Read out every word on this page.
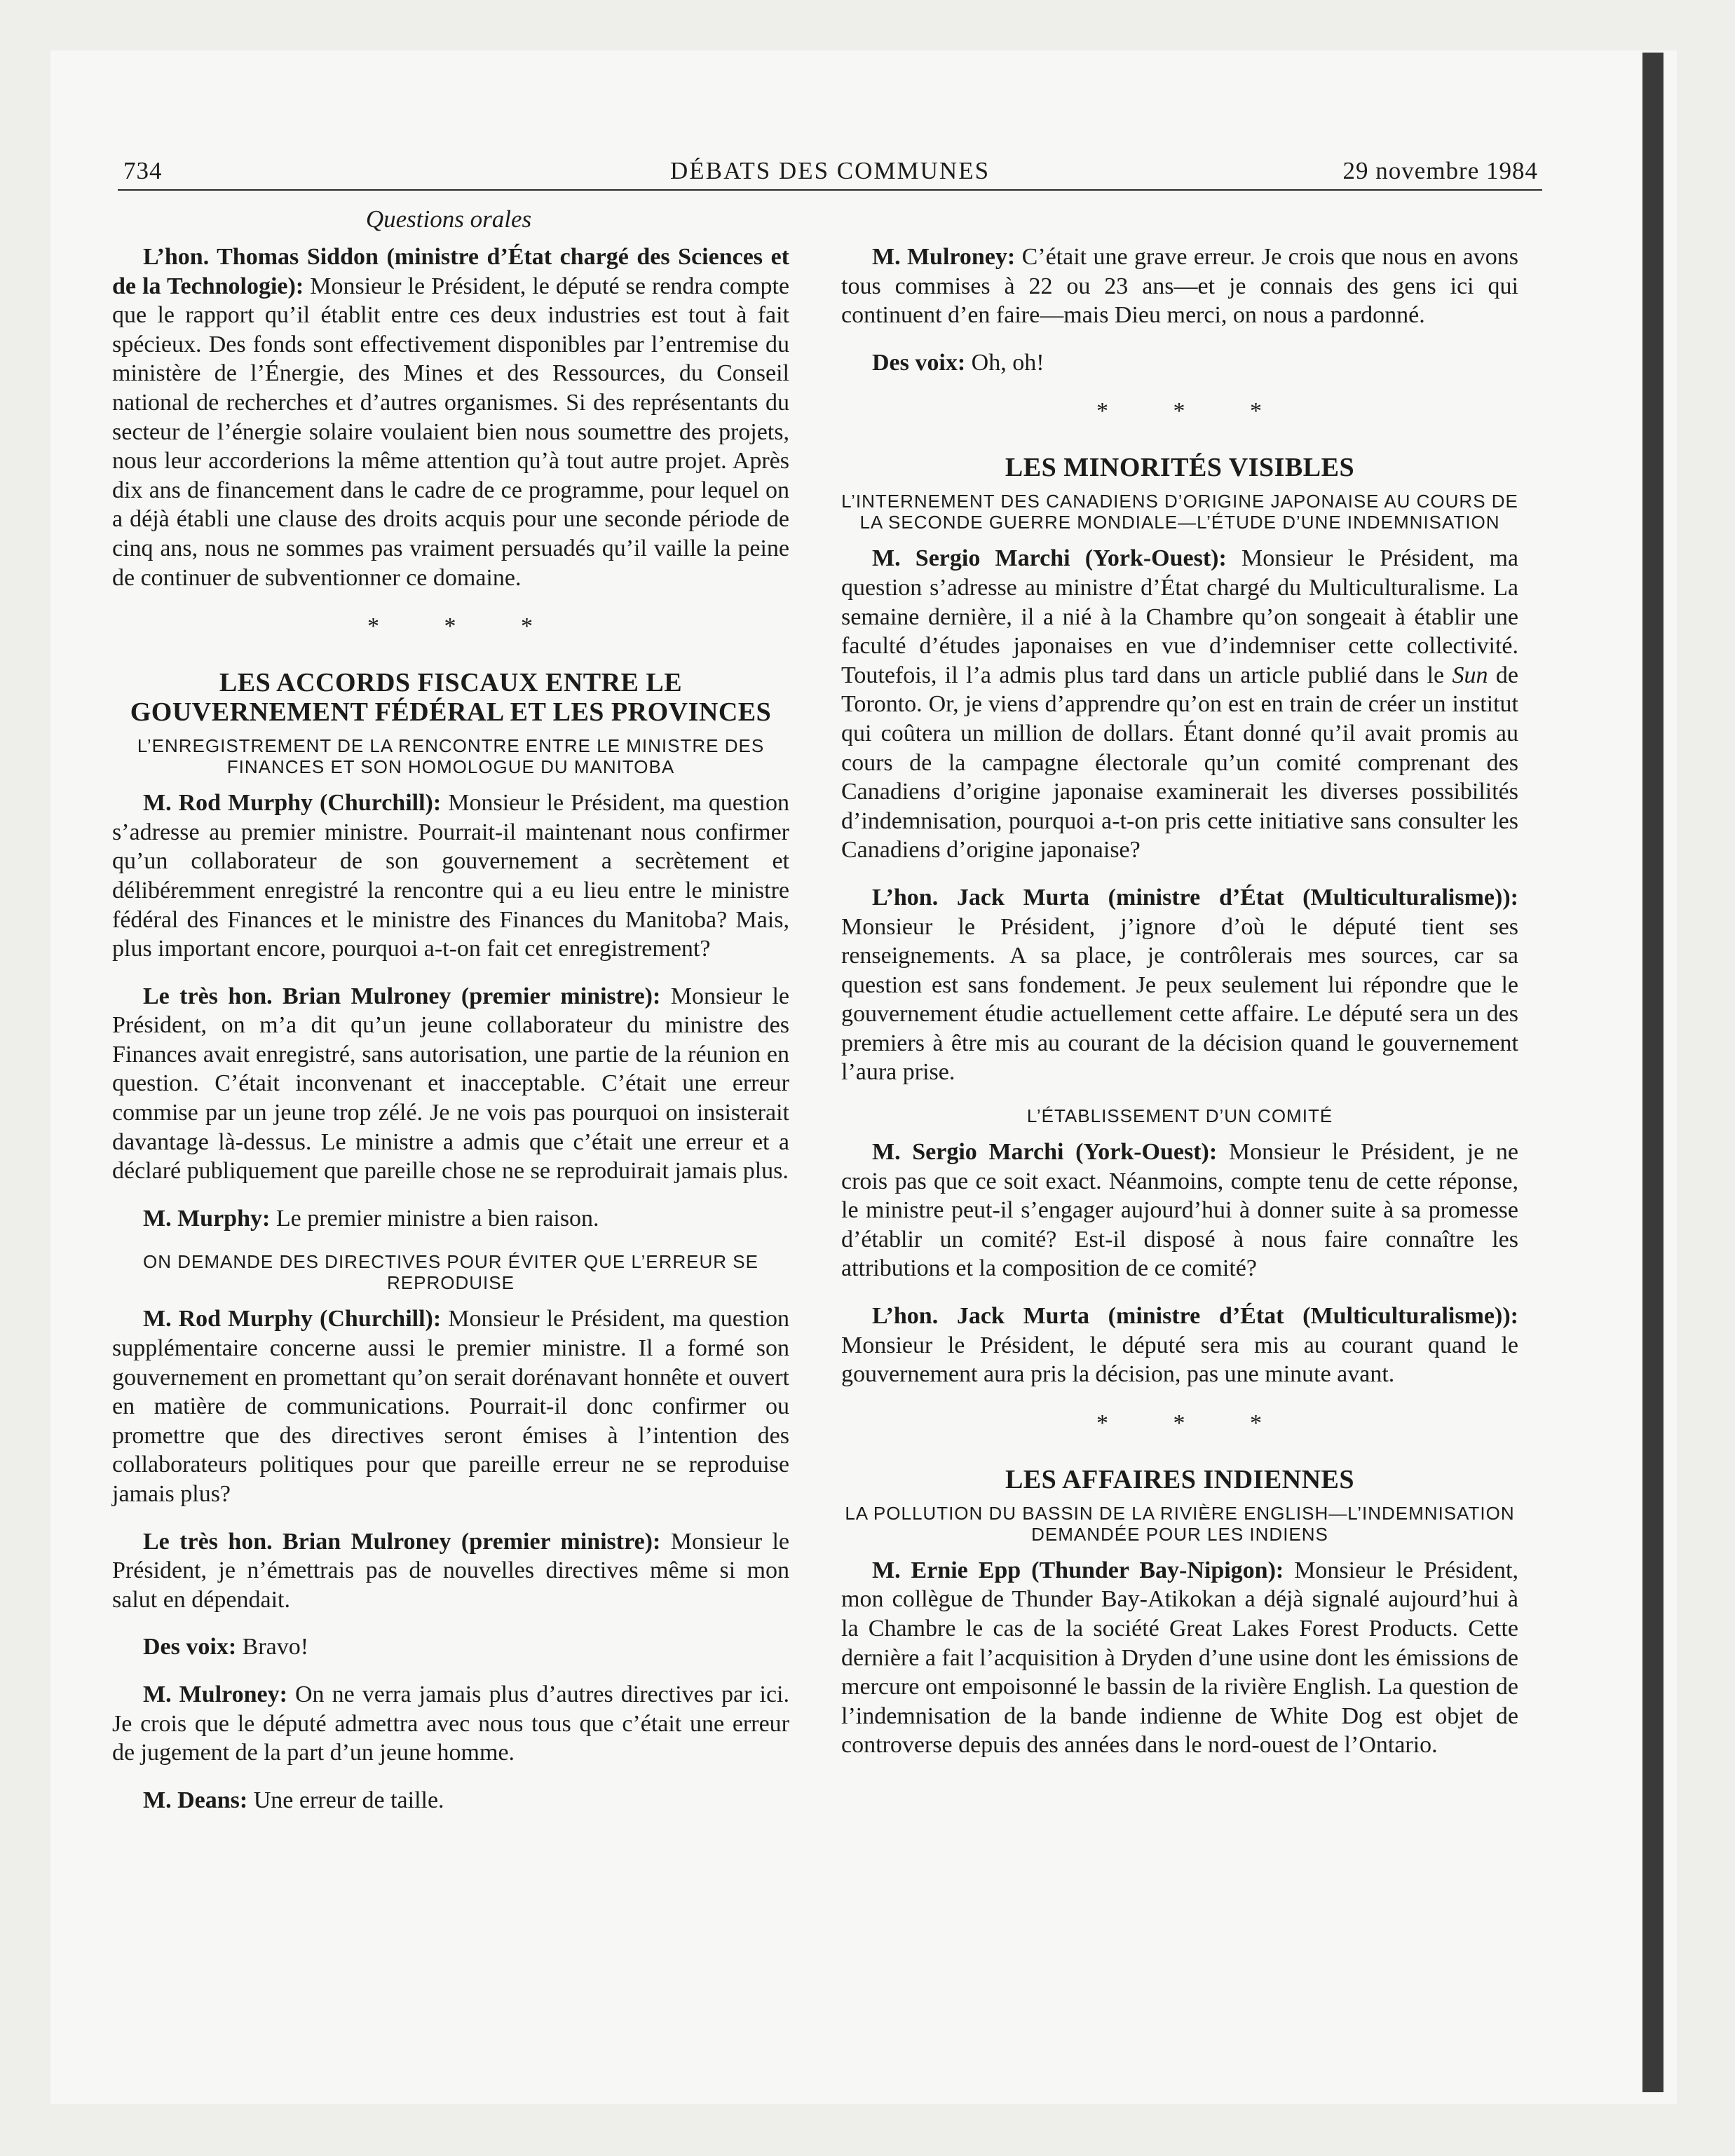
734	DÉBATS DES COMMUNES	29 novembre 1984
Questions orales

L’hon. Thomas Siddon (ministre d’État chargé des Sciences et de la Technologie): Monsieur le Président, le député se rendra compte que le rapport qu’il établit entre ces deux industries est tout à fait spécieux. Des fonds sont effectivement disponibles par l’entremise du ministère de l’Énergie, des Mines et des Ressources, du Conseil national de recherches et d’autres organismes. Si des représentants du secteur de l’énergie solaire voulaient bien nous soumettre des projets, nous leur accorderions la même attention qu’à tout autre projet. Après dix ans de financement dans le cadre de ce programme, pour lequel on a déjà établi une clause des droits acquis pour une seconde période de cinq ans, nous ne sommes pas vraiment persuadés qu’il vaille la peine de continuer de subventionner ce domaine.

* * *
LES ACCORDS FISCAUX ENTRE LE GOUVERNEMENT FÉDÉRAL ET LES PROVINCES
L’ENREGISTREMENT DE LA RENCONTRE ENTRE LE MINISTRE DES FINANCES ET SON HOMOLOGUE DU MANITOBA

M. Rod Murphy (Churchill): Monsieur le Président, ma question s’adresse au premier ministre. Pourrait-il maintenant nous confirmer qu’un collaborateur de son gouvernement a secrètement et délibéremment enregistré la rencontre qui a eu lieu entre le ministre fédéral des Finances et le ministre des Finances du Manitoba? Mais, plus important encore, pourquoi a-t-on fait cet enregistrement?

Le très hon. Brian Mulroney (premier ministre): Monsieur le Président, on m’a dit qu’un jeune collaborateur du ministre des Finances avait enregistré, sans autorisation, une partie de la réunion en question. C’était inconvenant et inacceptable. C’était une erreur commise par un jeune trop zélé. Je ne vois pas pourquoi on insisterait davantage là-dessus. Le ministre a admis que c’était une erreur et a déclaré publiquement que pareille chose ne se reproduirait jamais plus.

M. Murphy: Le premier ministre a bien raison.

ON DEMANDE DES DIRECTIVES POUR ÉVITER QUE L’ERREUR SE REPRODUISE

M. Rod Murphy (Churchill): Monsieur le Président, ma question supplémentaire concerne aussi le premier ministre. Il a formé son gouvernement en promettant qu’on serait dorénavant honnête et ouvert en matière de communications. Pourrait-il donc confirmer ou promettre que des directives seront émises à l’intention des collaborateurs politiques pour que pareille erreur ne se reproduise jamais plus?

Le très hon. Brian Mulroney (premier ministre): Monsieur le Président, je n’émettrais pas de nouvelles directives même si mon salut en dépendait.

Des voix: Bravo!

M. Mulroney: On ne verra jamais plus d’autres directives par ici. Je crois que le député admettra avec nous tous que c’était une erreur de jugement de la part d’un jeune homme.

M. Deans: Une erreur de taille.

M. Mulroney: C’était une grave erreur. Je crois que nous en avons tous commises à 22 ou 23 ans—et je connais des gens ici qui continuent d’en faire—mais Dieu merci, on nous a pardonné.

Des voix: Oh, oh!

* * *
LES MINORITÉS VISIBLES
L’INTERNEMENT DES CANADIENS D’ORIGINE JAPONAISE AU COURS DE LA SECONDE GUERRE MONDIALE—L’ÉTUDE D’UNE INDEMNISATION

M. Sergio Marchi (York-Ouest): Monsieur le Président, ma question s’adresse au ministre d’État chargé du Multiculturalisme. La semaine dernière, il a nié à la Chambre qu’on songeait à établir une faculté d’études japonaises en vue d’indemniser cette collectivité. Toutefois, il l’a admis plus tard dans un article publié dans le Sun de Toronto. Or, je viens d’apprendre qu’on est en train de créer un institut qui coûtera un million de dollars. Étant donné qu’il avait promis au cours de la campagne électorale qu’un comité comprenant des Canadiens d’origine japonaise examinerait les diverses possibilités d’indemnisation, pourquoi a-t-on pris cette initiative sans consulter les Canadiens d’origine japonaise?

L’hon. Jack Murta (ministre d’État (Multiculturalisme)): Monsieur le Président, j’ignore d’où le député tient ses renseignements. A sa place, je contrôlerais mes sources, car sa question est sans fondement. Je peux seulement lui répondre que le gouvernement étudie actuellement cette affaire. Le député sera un des premiers à être mis au courant de la décision quand le gouvernement l’aura prise.

L’ÉTABLISSEMENT D’UN COMITÉ

M. Sergio Marchi (York-Ouest): Monsieur le Président, je ne crois pas que ce soit exact. Néanmoins, compte tenu de cette réponse, le ministre peut-il s’engager aujourd’hui à donner suite à sa promesse d’établir un comité? Est-il disposé à nous faire connaître les attributions et la composition de ce comité?

L’hon. Jack Murta (ministre d’État (Multiculturalisme)): Monsieur le Président, le député sera mis au courant quand le gouvernement aura pris la décision, pas une minute avant.

* * *
LES AFFAIRES INDIENNES
LA POLLUTION DU BASSIN DE LA RIVIÈRE ENGLISH—L’INDEMNISATION DEMANDÉE POUR LES INDIENS

M. Ernie Epp (Thunder Bay-Nipigon): Monsieur le Président, mon collègue de Thunder Bay-Atikokan a déjà signalé aujourd’hui à la Chambre le cas de la société Great Lakes Forest Products. Cette dernière a fait l’acquisition à Dryden d’une usine dont les émissions de mercure ont empoisonné le bassin de la rivière English. La question de l’indemnisation de la bande indienne de White Dog est objet de controverse depuis des années dans le nord-ouest de l’Ontario.
